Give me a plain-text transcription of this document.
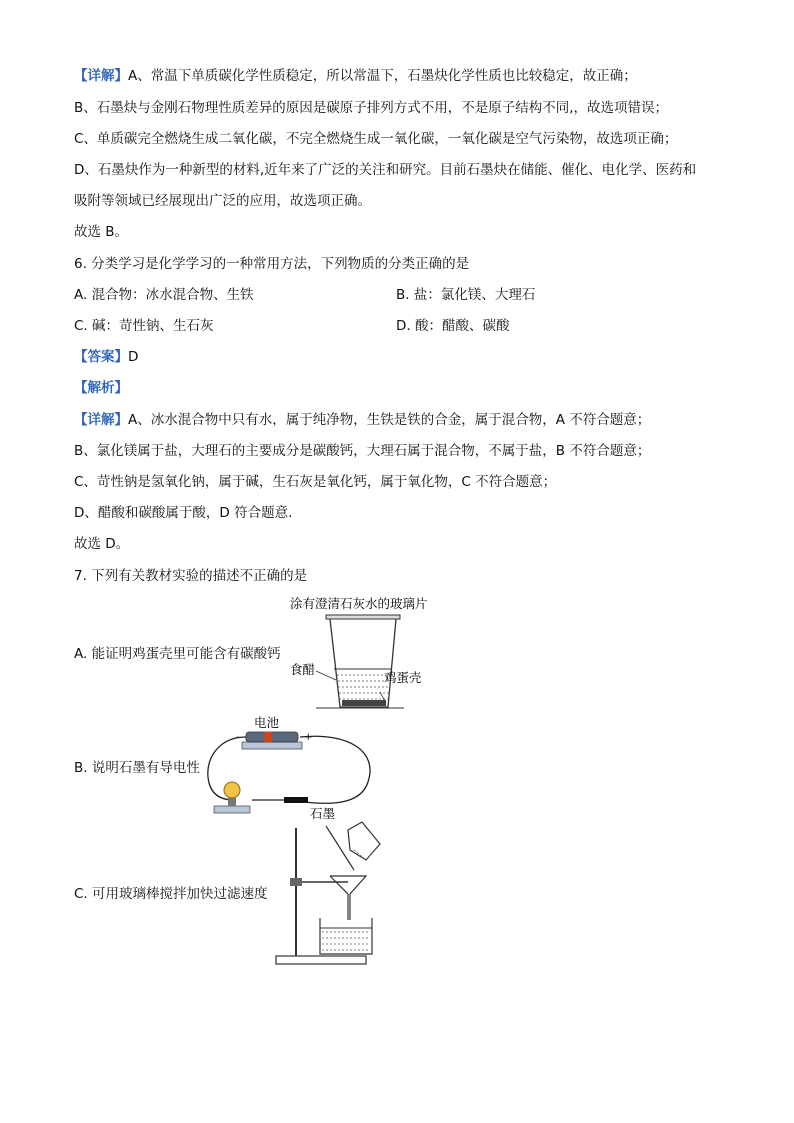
【详解】A、常温下单质碳化学性质稳定，所以常温下，石墨炔化学性质也比较稳定，故正确；
B、石墨炔与金刚石物理性质差异的原因是碳原子排列方式不用，不是原子结构不同,，故选项错误；
C、单质碳完全燃烧生成二氧化碳，不完全燃烧生成一氧化碳，一氧化碳是空气污染物，故选项正确；
D、石墨炔作为一种新型的材料,近年来了广泛的关注和研究。目前石墨炔在储能、催化、电化学、医药和
吸附等领域已经展现出广泛的应用，故选项正确。
故选 B。
6. 分类学习是化学学习的一种常用方法，下列物质的分类正确的是
A. 混合物：冰水混合物、生铁	B. 盐：氯化镁、大理石
C. 碱：苛性钠、生石灰	D. 酸：醋酸、碳酸
【答案】D
【解析】
【详解】A、冰水混合物中只有水，属于纯净物，生铁是铁的合金，属于混合物，A 不符合题意；
B、氯化镁属于盐，大理石的主要成分是碳酸钙，大理石属于混合物，不属于盐，B 不符合题意；
C、苛性钠是氢氧化钠，属于碱，生石灰是氧化钙，属于氧化物，C 不符合题意；
D、醋酸和碳酸属于酸，D 符合题意.
故选 D。
7. 下列有关教材实验的描述不正确的是
A. 能证明鸡蛋壳里可能含有碳酸钙
B. 说明石墨有导电性
C. 可用玻璃棒搅拌加快过滤速度
涂有澄清石灰水的玻璃片
食醋
鸡蛋壳
电池
-	+
石墨
